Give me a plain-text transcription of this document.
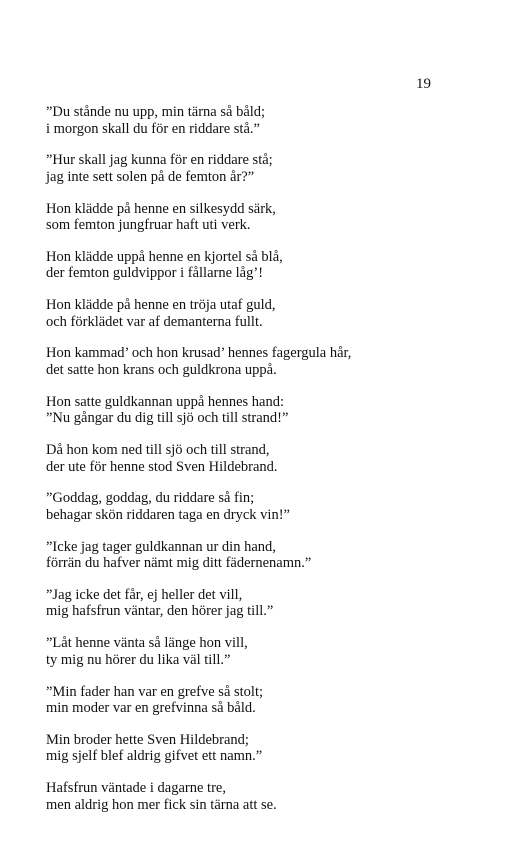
19
”Du stånde nu upp, min tärna så båld;
i morgon skall du för en riddare stå.”
”Hur skall jag kunna för en riddare stå;
jag inte sett solen på de femton år?”
Hon klädde på henne en silkesydd särk,
som femton jungfruar haft uti verk.
Hon klädde uppå henne en kjortel så blå,
der femton guldvippor i fållarne låg’!
Hon klädde på henne en tröja utaf guld,
och förklädet var af demanterna fullt.
Hon kammad’ och hon krusad’ hennes fagergula hår,
det satte hon krans och guldkrona uppå.
Hon satte guldkannan uppå hennes hand:
”Nu gångar du dig till sjö och till strand!”
Då hon kom ned till sjö och till strand,
der ute för henne stod Sven Hildebrand.
”Goddag, goddag, du riddare så fin;
behagar skön riddaren taga en dryck vin!”
”Icke jag tager guldkannan ur din hand,
förrän du hafver nämt mig ditt fädernenamn.”
”Jag icke det får, ej heller det vill,
mig hafsfrun väntar, den hörer jag till.”
”Låt henne vänta så länge hon vill,
ty mig nu hörer du lika väl till.”
”Min fader han var en grefve så stolt;
min moder var en grefvinna så båld.
Min broder hette Sven Hildebrand;
mig sjelf blef aldrig gifvet ett namn.”
Hafsfrun väntade i dagarne tre,
men aldrig hon mer fick sin tärna att se.
